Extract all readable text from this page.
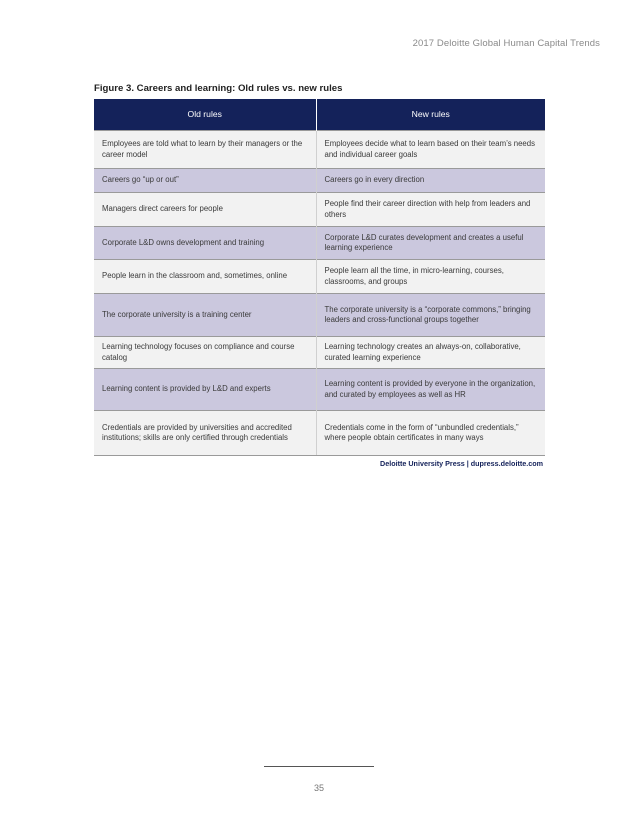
2017 Deloitte Global Human Capital Trends
Figure 3. Careers and learning: Old rules vs. new rules
Old rules	New rules
Employees are told what to learn by their managers or the career model	Employees decide what to learn based on their team’s needs and individual career goals
Careers go “up or out”	Careers go in every direction
Managers direct careers for people	People find their career direction with help from leaders and others
Corporate L&D owns development and training	Corporate L&D curates development and creates a useful learning experience
People learn in the classroom and, sometimes, online	People learn all the time, in micro-learning, courses, classrooms, and groups
The corporate university is a training center	The corporate university is a “corporate commons,” bringing leaders and cross-functional groups together
Learning technology focuses on compliance and course catalog	Learning technology creates an always-on, collaborative, curated learning experience
Learning content is provided by L&D and experts	Learning content is provided by everyone in the organization, and curated by employees as well as HR
Credentials are provided by universities and accredited institutions; skills are only certified through credentials	Credentials come in the form of “unbundled credentials,” where people obtain certificates in many ways
Deloitte University Press | dupress.deloitte.com
35
